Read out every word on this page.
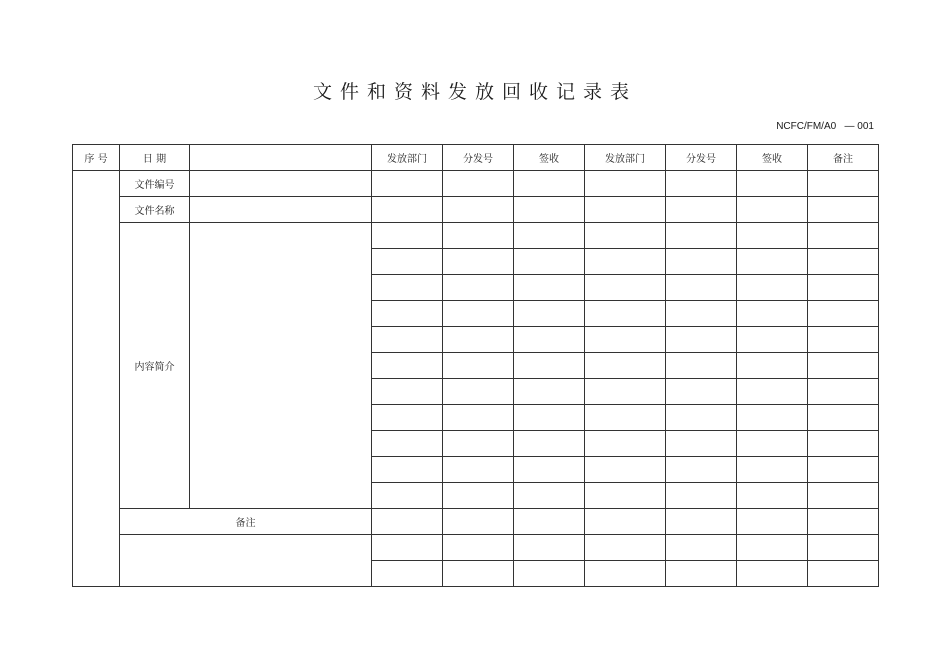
文件和资料发放回收记录表
NCFC/FM/A0   — 001
序 号	日 期		发放部门	分发号	签收	发放部门	分发号	签收	备注
	文件编号								
	文件名称								
	内容简介								

	备注								
